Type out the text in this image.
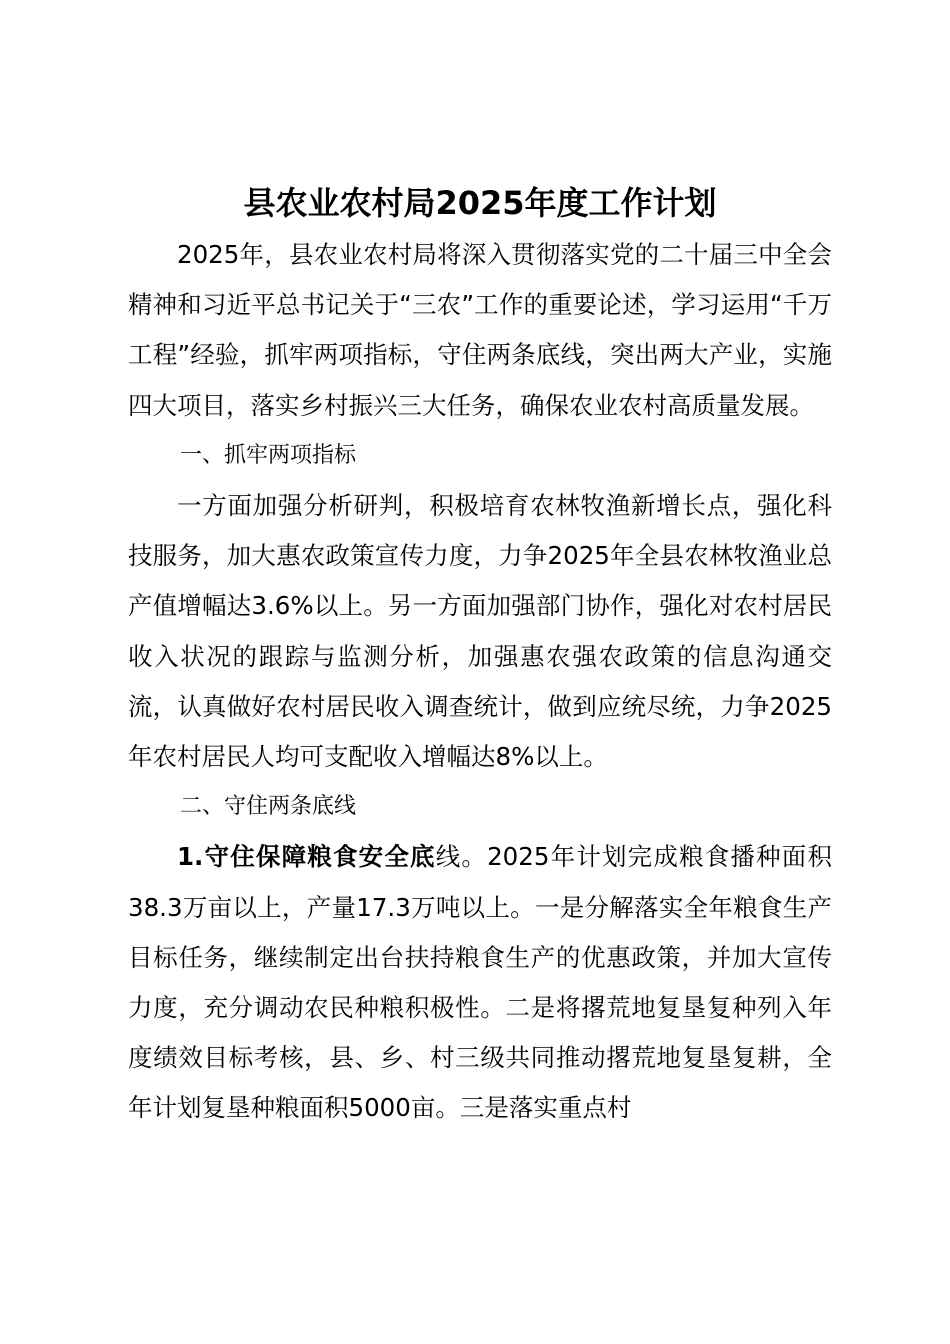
县农业农村局2025年度工作计划

2025年，县农业农村局将深入贯彻落实党的二十届三中全会精神和习近平总书记关于“三农”工作的重要论述，学习运用“千万工程”经验，抓牢两项指标，守住两条底线，突出两大产业，实施四大项目，落实乡村振兴三大任务，确保农业农村高质量发展。

一、抓牢两项指标

一方面加强分析研判，积极培育农林牧渔新增长点，强化科技服务，加大惠农政策宣传力度，力争2025年全县农林牧渔业总产值增幅达3.6%以上。另一方面加强部门协作，强化对农村居民收入状况的跟踪与监测分析，加强惠农强农政策的信息沟通交流，认真做好农村居民收入调查统计，做到应统尽统，力争2025年农村居民人均可支配收入增幅达8%以上。

二、守住两条底线

1.守住保障粮食安全底线。2025年计划完成粮食播种面积38.3万亩以上，产量17.3万吨以上。一是分解落实全年粮食生产目标任务，继续制定出台扶持粮食生产的优惠政策，并加大宣传力度，充分调动农民种粮积极性。二是将撂荒地复垦复种列入年度绩效目标考核，县、乡、村三级共同推动撂荒地复垦复耕，全年计划复垦种粮面积5000亩。三是落实重点村
